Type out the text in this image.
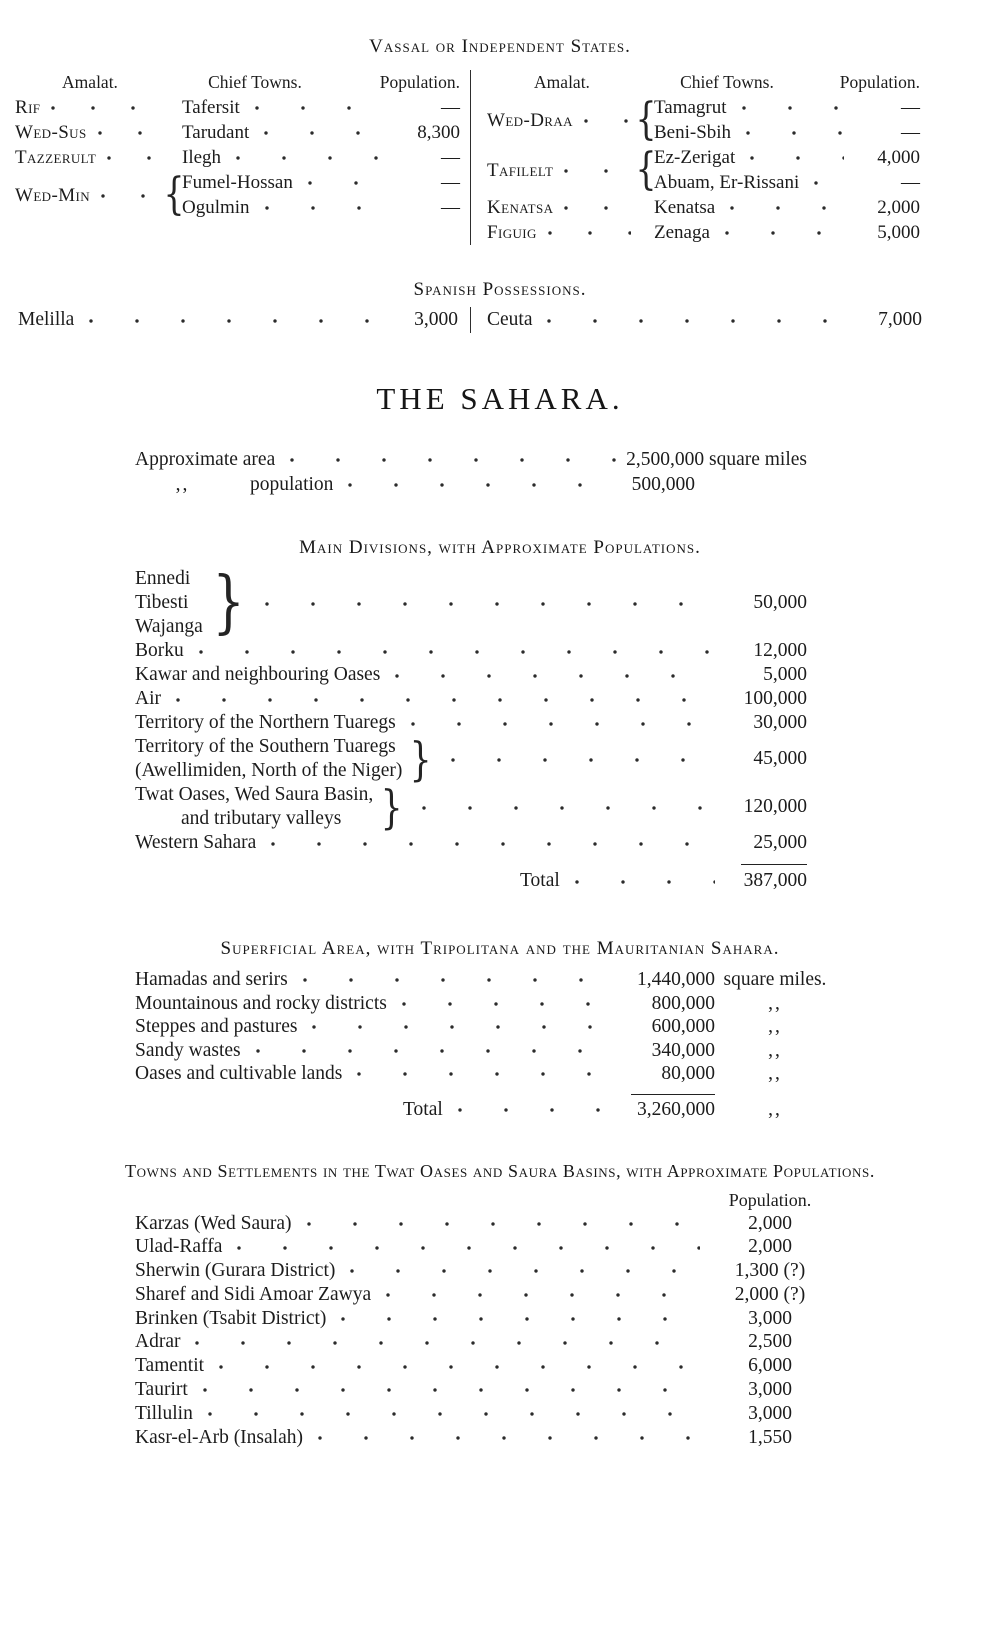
Vassal or Independent States.
Amalat.	Chief Towns.	Population.
Rif	Tafersit	—
Wed-Sus	Tarudant	8,300
Tazzerult	Ilegh	—
Wed-Min {
Fumel-Hossan	—
Ogulmin	—
Amalat.	Chief Towns.	Population.
Wed-Draa {
Tamagrut	—
Beni-Sbih	—
Tafilelt {
Ez-Zerigat	4,000
Abuam, Er-Rissani	—
Kenatsa	Kenatsa	2,000
Figuig	Zenaga	5,000
Spanish Possessions.
Melilla	3,000 Ceuta	7,000
THE SAHARA.
Approximate area	2,500,000 square miles
,,	population	500,000
Main Divisions, with Approximate Populations.
Ennedi
Tibesti
Wajanga }	50,000
Borku	12,000
Kawar and neighbouring Oases	5,000
Air	100,000
Territory of the Northern Tuaregs	30,000
Territory of the Southern Tuaregs
(Awellimiden, North of the Niger) }	45,000
Twat Oases, Wed Saura Basin,
and tributary valleys }	120,000
Western Sahara	25,000
Total	387,000
Superficial Area, with Tripolitana and the Mauritanian Sahara.
Hamadas and serirs	1,440,000 square miles.
Mountainous and rocky districts	800,000	,,
Steppes and pastures	600,000	,,
Sandy wastes	340,000	,,
Oases and cultivable lands	80,000	,,
Total	3,260,000	,,
Towns and Settlements in the Twat Oases and Saura Basins, with Approximate Populations.
Population.
Karzas (Wed Saura)	2,000
Ulad-Raffa	2,000
Sherwin (Gurara District)	1,300 (?)
Sharef and Sidi Amoar Zawya	2,000 (?)
Brinken (Tsabit District)	3,000
Adrar	2,500
Tamentit	6,000
Taurirt	3,000
Tillulin	3,000
Kasr-el-Arb (Insalah)	1,550
